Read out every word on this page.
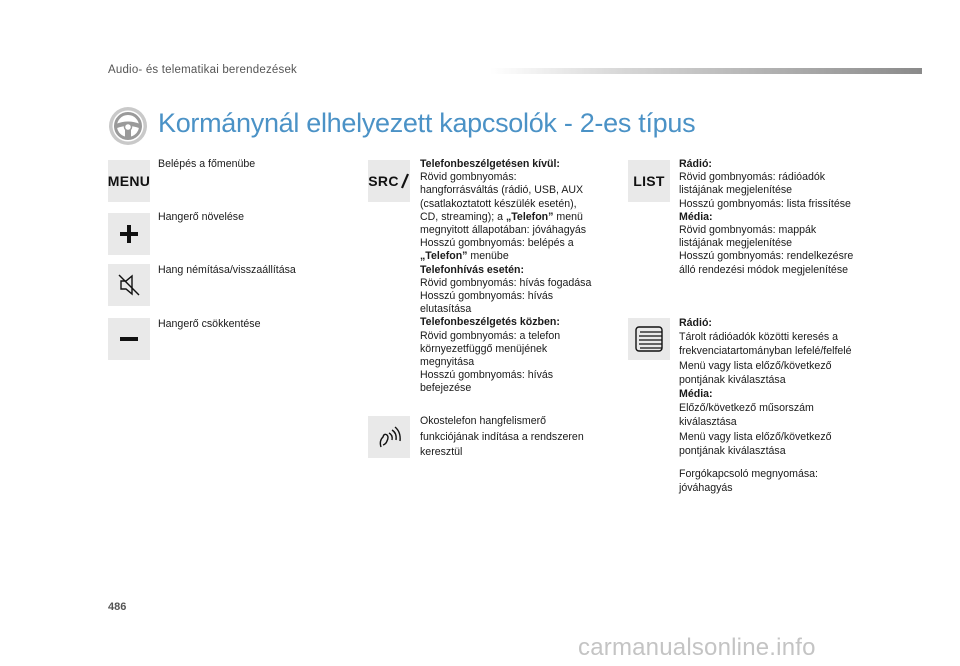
Audio- és telematikai berendezések
Kormánynál elhelyezett kapcsolók - 2-es típus
MENU
Belépés a főmenübe
Hangerő növelése
Hang némítása/visszaállítása
Hangerő csökkentése
SRC
Telefonbeszélgetésen kívül:
Rövid gombnyomás:
hangforrásváltás (rádió, USB, AUX
(csatlakoztatott készülék esetén),
CD, streaming); a „Telefon” menü
megnyitott állapotában: jóváhagyás
Hosszú gombnyomás: belépés a
„Telefon” menübe
Telefonhívás esetén:
Rövid gombnyomás: hívás fogadása
Hosszú gombnyomás: hívás
elutasítása
Telefonbeszélgetés közben:
Rövid gombnyomás: a telefon
környezetfüggő menüjének
megnyitása
Hosszú gombnyomás: hívás
befejezése
Okostelefon hangfelismerő
funkciójának indítása a rendszeren
keresztül
LIST
Rádió:
Rövid gombnyomás: rádióadók
listájának megjelenítése
Hosszú gombnyomás: lista frissítése
Média:
Rövid gombnyomás: mappák
listájának megjelenítése
Hosszú gombnyomás: rendelkezésre
álló rendezési módok megjelenítése
Rádió:
Tárolt rádióadók közötti keresés a
frekvenciatartományban lefelé/felfelé
Menü vagy lista előző/következő
pontjának kiválasztása
Média:
Előző/következő műsorszám
kiválasztása
Menü vagy lista előző/következő
pontjának kiválasztása
Forgókapcsoló megnyomása:
jóváhagyás
486
carmanualsonline.info
